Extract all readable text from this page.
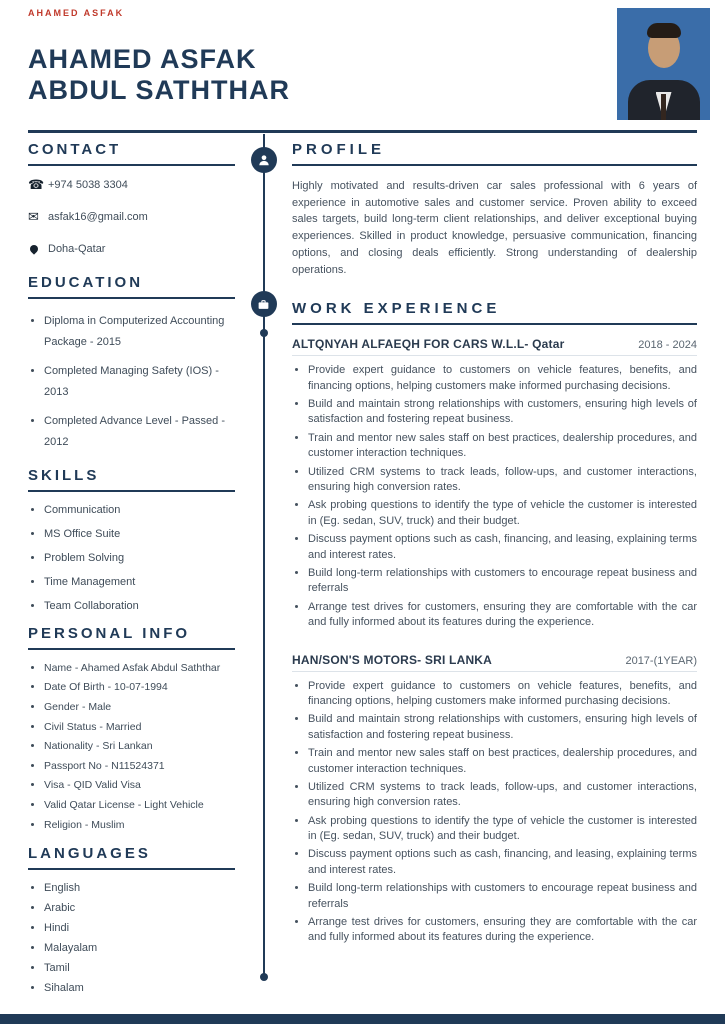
AHAMED ASFAK
AHAMED ASFAK
ABDUL SATHTHAR
CONTACT
☎
+974 5038 3304
✉
asfak16@gmail.com
Doha-Qatar
EDUCATION
• Diploma in Computerized Accounting Package - 2015
• Completed Managing Safety (IOS) - 2013
• Completed Advance Level - Passed - 2012
SKILLS
• Communication
• MS Office Suite
• Problem Solving
• Time Management
• Team Collaboration
PERSONAL INFO
• Name - Ahamed Asfak Abdul Saththar
• Date Of Birth - 10-07-1994
• Gender - Male
• Civil Status - Married
• Nationality - Sri Lankan
• Passport No - N11524371
• Visa - QID Valid Visa
• Valid Qatar License - Light Vehicle
• Religion - Muslim
LANGUAGES
• English
• Arabic
• Hindi
• Malayalam
• Tamil
• Sihalam
PROFILE

Highly motivated and results-driven car sales professional with 6 years of experience in automotive sales and customer service. Proven ability to exceed sales targets, build long-term client relationships, and deliver exceptional buying experiences. Skilled in product knowledge, persuasive communication, financing options, and closing deals efficiently. Strong understanding of dealership operations.

WORK EXPERIENCE
ALTQNYAH ALFAEQH FOR CARS W.L.L- Qatar	2018 - 2024
• Provide expert guidance to customers on vehicle features, benefits, and financing options, helping customers make informed purchasing decisions.
• Build and maintain strong relationships with customers, ensuring high levels of satisfaction and fostering repeat business.
• Train and mentor new sales staff on best practices, dealership procedures, and customer interaction techniques.
• Utilized CRM systems to track leads, follow-ups, and customer interactions, ensuring high conversion rates.
• Ask probing questions to identify the type of vehicle the customer is interested in (Eg. sedan, SUV, truck) and their budget.
• Discuss payment options such as cash, financing, and leasing, explaining terms and interest rates.
• Build long-term relationships with customers to encourage repeat business and referrals
• Arrange test drives for customers, ensuring they are comfortable with the car and fully informed about its features during the experience.
HAN/SON'S MOTORS- SRI LANKA	2017-(1YEAR)
• Provide expert guidance to customers on vehicle features, benefits, and financing options, helping customers make informed purchasing decisions.
• Build and maintain strong relationships with customers, ensuring high levels of satisfaction and fostering repeat business.
• Train and mentor new sales staff on best practices, dealership procedures, and customer interaction techniques.
• Utilized CRM systems to track leads, follow-ups, and customer interactions, ensuring high conversion rates.
• Ask probing questions to identify the type of vehicle the customer is interested in (Eg. sedan, SUV, truck) and their budget.
• Discuss payment options such as cash, financing, and leasing, explaining terms and interest rates.
• Build long-term relationships with customers to encourage repeat business and referrals
• Arrange test drives for customers, ensuring they are comfortable with the car and fully informed about its features during the experience.
